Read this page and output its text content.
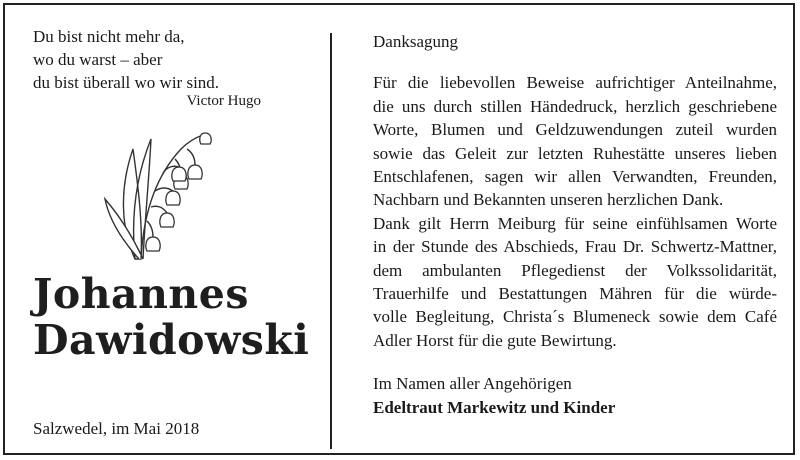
Du bist nicht mehr da,
wo du warst – aber
du bist überall wo wir sind.
Victor Hugo
Johannes
Dawidowski
Salzwedel, im Mai 2018
Danksagung
Für die liebevollen Beweise aufrichtiger Anteilnahme,
die uns durch stillen Händedruck, herzlich geschriebene
Worte, Blumen und Geldzuwendungen zuteil wurden
sowie das Geleit zur letzten Ruhestätte unseres lieben
Entschlafenen, sagen wir allen Verwandten, Freunden,
Nachbarn und Bekannten unseren herzlichen Dank.
Dank gilt Herrn Meiburg für seine einfühlsamen Worte
in der Stunde des Abschieds, Frau Dr. Schwertz-Mattner,
dem ambulanten Pflegedienst der Volkssolidarität,
Trauerhilfe und Bestattungen Mähren für die würde-
volle Begleitung, Christa´s Blumeneck sowie dem Café
Adler Horst für die gute Bewirtung.
Im Namen aller Angehörigen
Edeltraut Markewitz und Kinder
